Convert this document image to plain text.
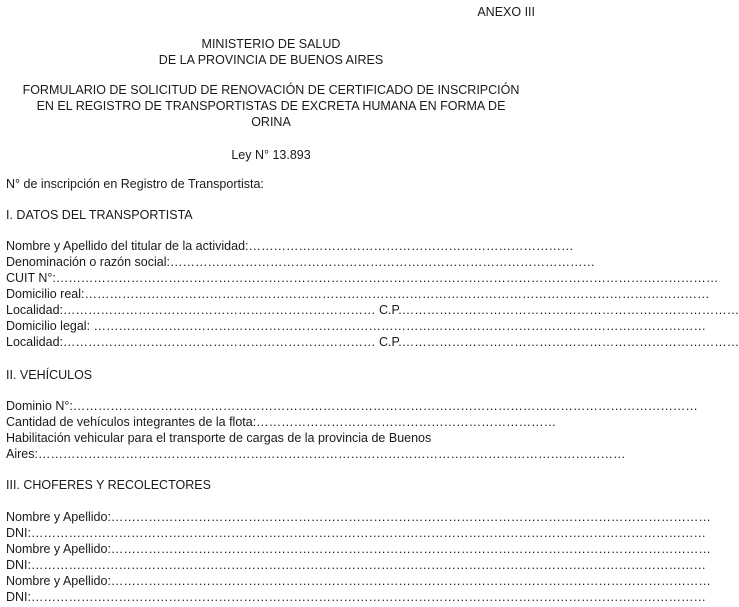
ANEXO III
MINISTERIO DE SALUD
DE LA PROVINCIA DE BUENOS AIRES
FORMULARIO DE SOLICITUD DE RENOVACIÓN DE CERTIFICADO DE INSCRIPCIÓN
EN EL REGISTRO DE TRANSPORTISTAS DE EXCRETA HUMANA EN FORMA DE
ORINA
Ley N° 13.893
N° de inscripción en Registro de Transportista:
I. DATOS DEL TRANSPORTISTA
Nombre y Apellido del titular de la actividad:……………………………………………………………………
Denominación o razón social:…………………………………………………………………………………………
CUIT N°:……………………………………………………………………………………………………………………………………………
Domicilio real:……………………………………………………………………………………………………………………………………
Localidad:………………………………………………………………… C.P.………………………………………………………………………
Domicilio legal: …………………………………………………………………………………………………………………………………
Localidad:………………………………………………………………… C.P.………………………………………………………………………
II. VEHÍCULOS
Dominio N°:……………………………………………………………………………………………………………………………………
Cantidad de vehículos integrantes de la flota:………………………………………………………………
Habilitación vehicular para el transporte de cargas de la provincia de Buenos
Aires:……………………………………………………………………………………………………………………………
III. CHOFERES Y RECOLECTORES
Nombre y Apellido:………………………………………………………………………………………………………………………………
DNI:………………………………………………………………………………………………………………………………………………
Nombre y Apellido:………………………………………………………………………………………………………………………………
DNI:………………………………………………………………………………………………………………………………………………
Nombre y Apellido:………………………………………………………………………………………………………………………………
DNI:………………………………………………………………………………………………………………………………………………
